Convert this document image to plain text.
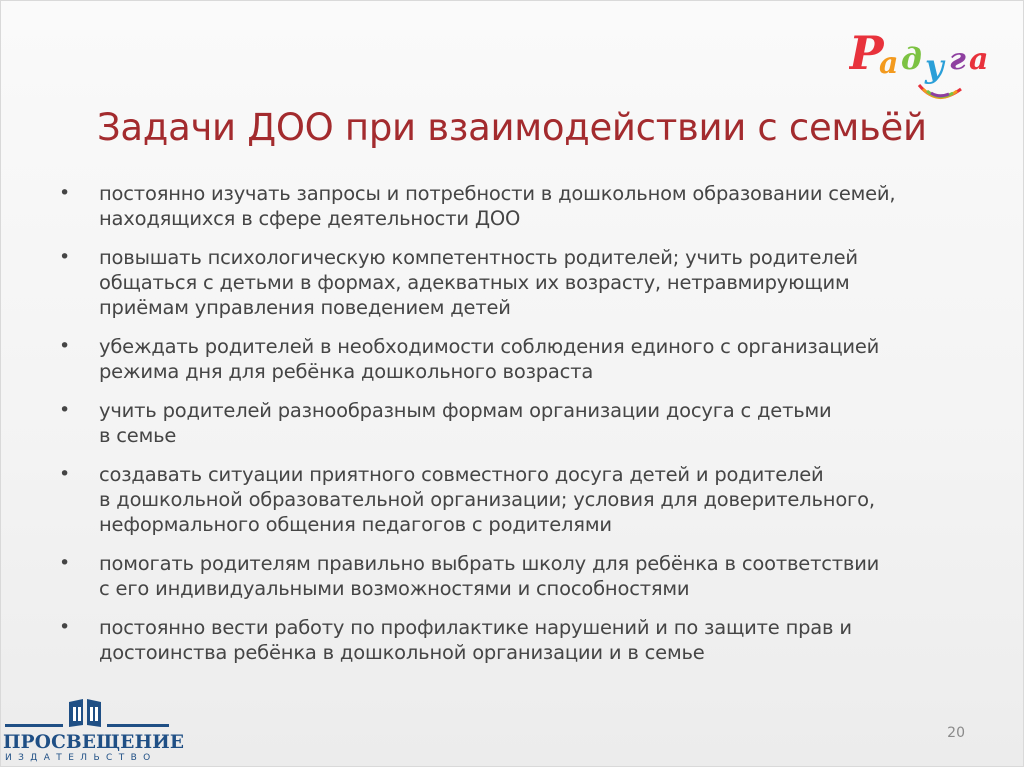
Р
а д у г а
Задачи ДОО при взаимодействии с семьёй
• постоянно изучать запросы и потребности в дошкольном образовании семей,
находящихся в сфере деятельности ДОО
• повышать психологическую компетентность родителей; учить родителей
общаться с детьми в формах, адекватных их возрасту, нетравмирующим
приёмам управления поведением детей
• убеждать родителей в необходимости соблюдения единого с организацией
режима дня для ребёнка дошкольного возраста
• учить родителей разнообразным формам организации досуга с детьми
в семье
• создавать ситуации приятного совместного досуга детей и родителей
в дошкольной образовательной организации; условия для доверительного,
неформального общения педагогов с родителями
• помогать родителям правильно выбрать школу для ребёнка в соответствии
с его индивидуальными возможностями и способностями
• постоянно вести работу по профилактике нарушений и по защите прав и
достоинства ребёнка в дошкольной организации и в семье
ПРОСВЕЩЕНИЕ
ИЗДАТЕЛЬСТВО
20
